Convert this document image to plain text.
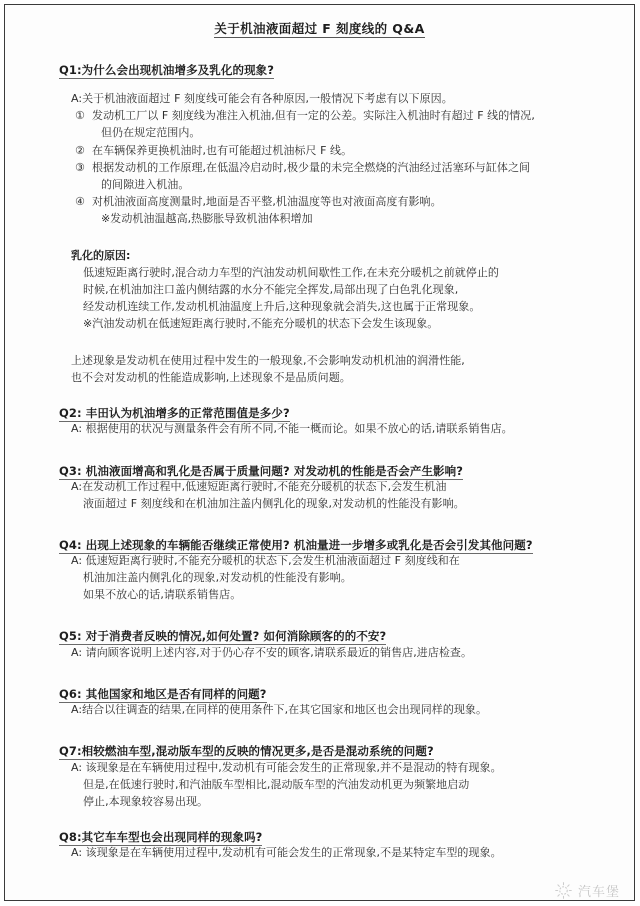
关于机油液面超过 F 刻度线的 Q&A
Q1:为什么会出现机油增多及乳化的现象?
A:关于机油液面超过 F 刻度线可能会有各种原因,一般情况下考虑有以下原因。
① 发动机工厂以 F 刻度线为准注入机油,但有一定的公差。实际注入机油时有超过 F 线的情况,
但仍在规定范围内。
② 在车辆保养更换机油时,也有可能超过机油标尺 F 线。
③ 根据发动机的工作原理,在低温冷启动时,极少量的未完全燃烧的汽油经过活塞环与缸体之间
的间隙进入机油。
④ 对机油液面高度测量时,地面是否平整,机油温度等也对液面高度有影响。
※发动机油温越高,热膨胀导致机油体积增加
乳化的原因:
低速短距离行驶时,混合动力车型的汽油发动机间歇性工作,在未充分暖机之前就停止的
时候,在机油加注口盖内侧结露的水分不能完全挥发,局部出现了白色乳化现象,
经发动机连续工作,发动机机油温度上升后,这种现象就会消失,这也属于正常现象。
※汽油发动机在低速短距离行驶时,不能充分暖机的状态下会发生该现象。
上述现象是发动机在使用过程中发生的一般现象,不会影响发动机机油的润滑性能,
也不会对发动机的性能造成影响,上述现象不是品质问题。
Q2: 丰田认为机油增多的正常范围值是多少?
A: 根据使用的状况与测量条件会有所不同,不能一概而论。如果不放心的话,请联系销售店。
Q3: 机油液面增高和乳化是否属于质量问题? 对发动机的性能是否会产生影响?
A:在发动机工作过程中,低速短距离行驶时,不能充分暖机的状态下,会发生机油
液面超过 F 刻度线和在机油加注盖内侧乳化的现象,对发动机的性能没有影响。
Q4: 出现上述现象的车辆能否继续正常使用? 机油量进一步增多或乳化是否会引发其他问题?
A: 低速短距离行驶时,不能充分暖机的状态下,会发生机油液面超过 F 刻度线和在
机油加注盖内侧乳化的现象,对发动机的性能没有影响。
如果不放心的话,请联系销售店。
Q5: 对于消费者反映的情况,如何处置? 如何消除顾客的的不安?
A: 请向顾客说明上述内容,对于仍心存不安的顾客,请联系最近的销售店,进店检查。
Q6: 其他国家和地区是否有同样的问题?
A:结合以往调查的结果,在同样的使用条件下,在其它国家和地区也会出现同样的现象。
Q7:相较燃油车型,混动版车型的反映的情况更多,是否是混动系统的问题?
A: 该现象是在车辆使用过程中,发动机有可能会发生的正常现象,并不是混动的特有现象。
但是,在低速行驶时,和汽油版车型相比,混动版车型的汽油发动机更为频繁地启动
停止,本现象较容易出现。
Q8:其它车车型也会出现同样的现象吗?
A: 该现象是在车辆使用过程中,发动机有可能会发生的正常现象,不是某特定车型的现象。
汽车堡
